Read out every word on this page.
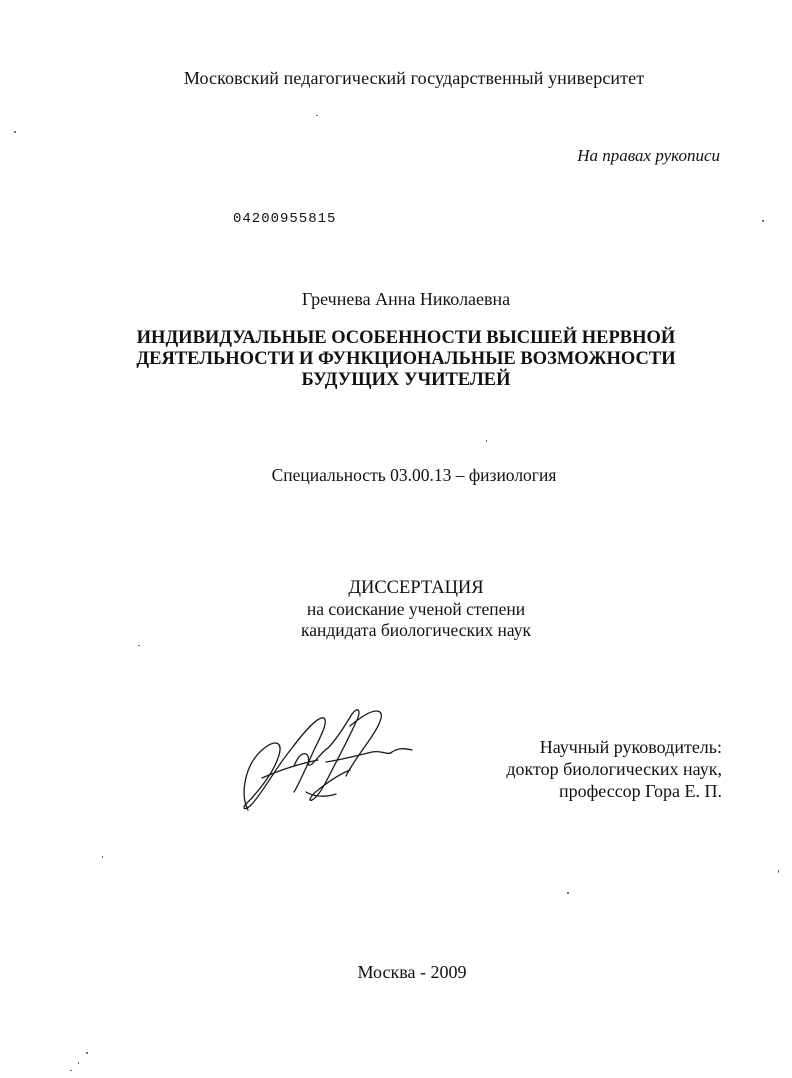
Московский педагогический государственный университет
На правах рукописи
04200955815
Гречнева Анна Николаевна
ИНДИВИДУАЛЬНЫЕ ОСОБЕННОСТИ ВЫСШЕЙ НЕРВНОЙ
ДЕЯТЕЛЬНОСТИ И ФУНКЦИОНАЛЬНЫЕ ВОЗМОЖНОСТИ
БУДУЩИХ УЧИТЕЛЕЙ
Специальность 03.00.13 – физиология
ДИССЕРТАЦИЯ
на соискание ученой степени
кандидата биологических наук
Научный руководитель:
доктор биологических наук,
профессор Гора Е. П.
Москва - 2009
